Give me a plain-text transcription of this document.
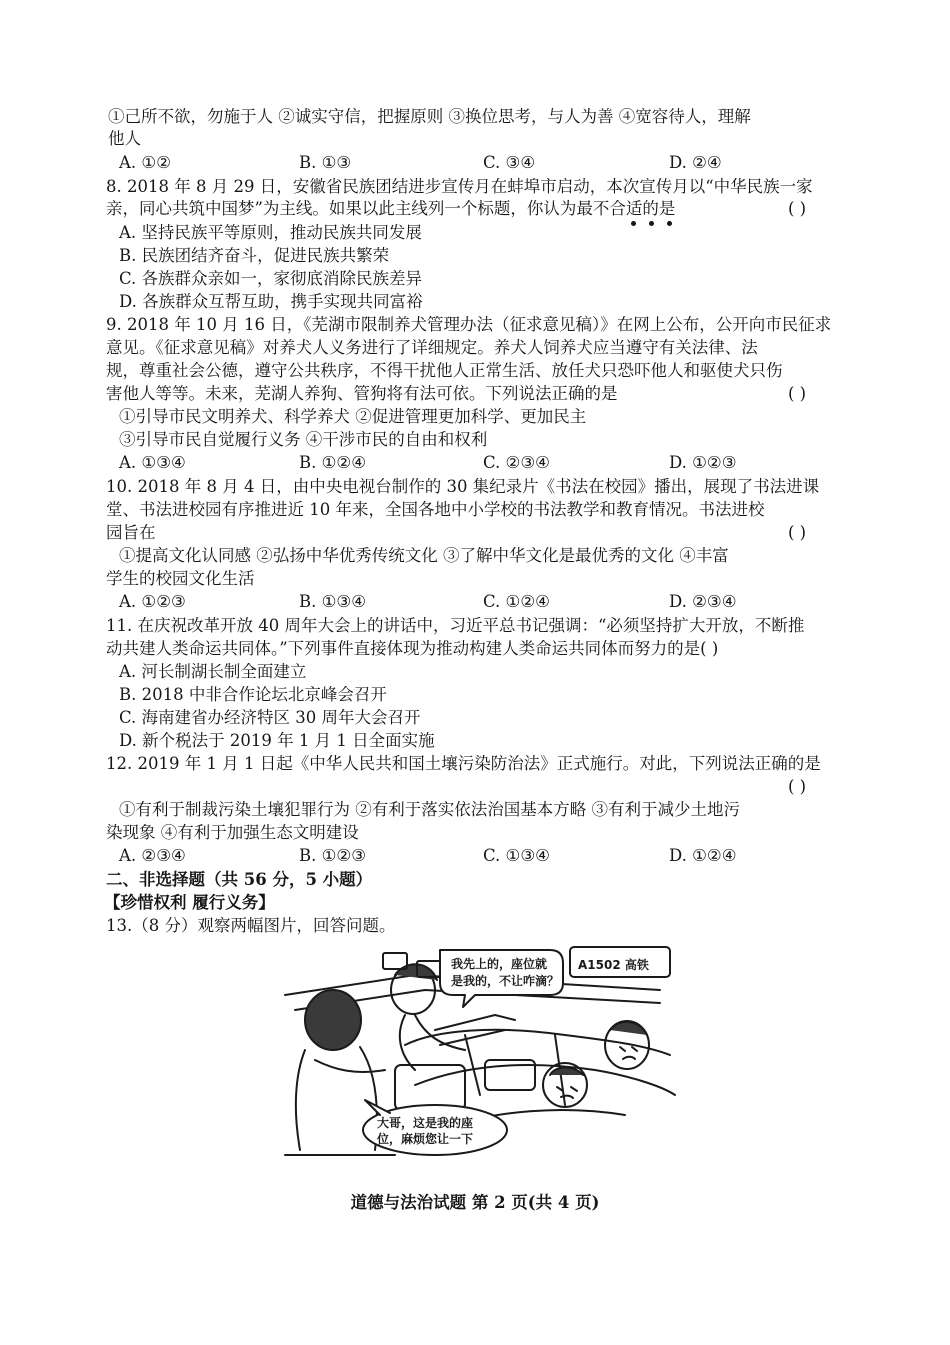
①己所不欲，勿施于人 ②诚实守信，把握原则 ③换位思考，与人为善 ④宽容待人，理解
他人
A. ①②	B. ①③	C. ③④	D. ②④
8. 2018 年 8 月 29 日，安徽省民族团结进步宣传月在蚌埠市启动，本次宣传月以“中华民族一家
亲，同心共筑中国梦”为主线。如果以此主线列一个标题，你认为最不合适的是	( )
A. 坚持民族平等原则，推动民族共同发展
B. 民族团结齐奋斗，促进民族共繁荣
C. 各族群众亲如一，家彻底消除民族差异
D. 各族群众互帮互助，携手实现共同富裕
9. 2018 年 10 月 16 日，《芜湖市限制养犬管理办法（征求意见稿）》在网上公布，公开向市民征求
意见。《征求意见稿》对养犬人义务进行了详细规定。养犬人饲养犬应当遵守有关法律、法
规，尊重社会公德，遵守公共秩序，不得干扰他人正常生活、放任犬只恐吓他人和驱使犬只伤
害他人等等。未来，芜湖人养狗、管狗将有法可依。下列说法正确的是	( )
①引导市民文明养犬、科学养犬 ②促进管理更加科学、更加民主
③引导市民自觉履行义务 ④干涉市民的自由和权利
A. ①③④	B. ①②④	C. ②③④	D. ①②③
10. 2018 年 8 月 4 日，由中央电视台制作的 30 集纪录片《书法在校园》播出，展现了书法进课
堂、书法进校园有序推进近 10 年来，全国各地中小学校的书法教学和教育情况。书法进校
园旨在	( )
①提高文化认同感 ②弘扬中华优秀传统文化 ③了解中华文化是最优秀的文化 ④丰富
学生的校园文化生活
A. ①②③	B. ①③④	C. ①②④	D. ②③④
11. 在庆祝改革开放 40 周年大会上的讲话中，习近平总书记强调：“必须坚持扩大开放，不断推
动共建人类命运共同体。”下列事件直接体现为推动构建人类命运共同体而努力的是( )
A. 河长制湖长制全面建立
B. 2018 中非合作论坛北京峰会召开
C. 海南建省办经济特区 30 周年大会召开
D. 新个税法于 2019 年 1 月 1 日全面实施
12. 2019 年 1 月 1 日起《中华人民共和国土壤污染防治法》正式施行。对此，下列说法正确的是
( )
①有利于制裁污染土壤犯罪行为 ②有利于落实依法治国基本方略 ③有利于减少土地污
染现象 ④有利于加强生态文明建设
A. ②③④	B. ①②③	C. ①③④	D. ①②④
二、非选择题（共 56 分，5 小题）
【珍惜权利 履行义务】
13.（8 分）观察两幅图片，回答问题。
A1502 高铁
我先上的，座位就
是我的，不让咋滴？
大哥，这是我的座
位，麻烦您让一下
道德与法治试题 第 2 页(共 4 页)
